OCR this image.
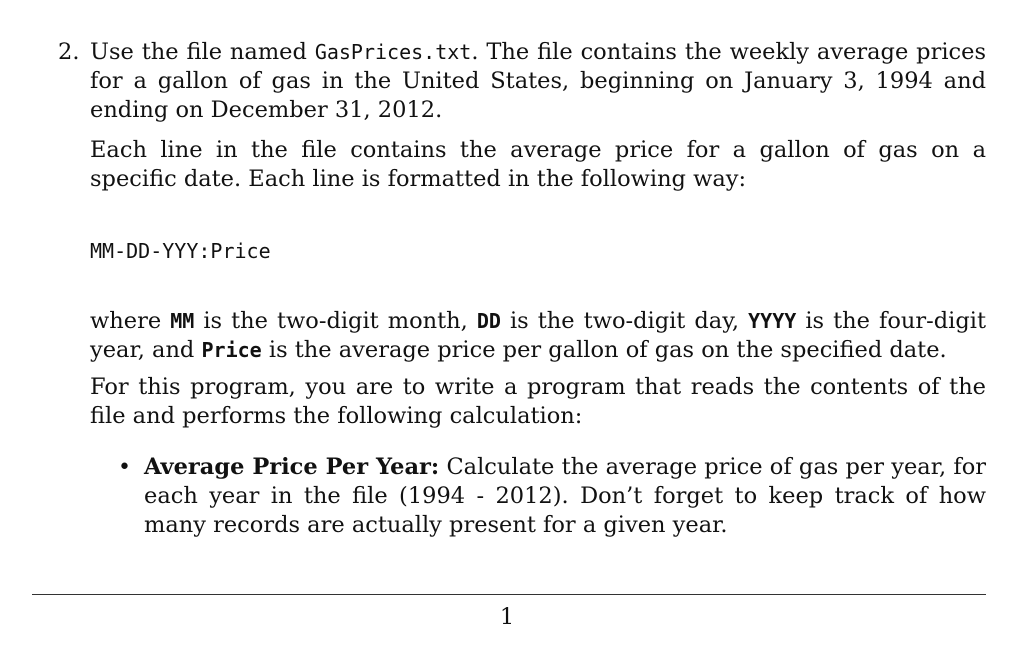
2. Use the file named GasPrices.txt. The file contains the weekly average prices for a gallon of gas in the United States, beginning on January 3, 1994 and ending on December 31, 2012.

Each line in the file contains the average price for a gallon of gas on a specific date. Each line is formatted in the following way:

MM-DD-YYY:Price

where MM is the two-digit month, DD is the two-digit day, YYYY is the four-digit year, and Price is the average price per gallon of gas on the specified date.

For this program, you are to write a program that reads the contents of the file and performs the following calculation:

• Average Price Per Year: Calculate the average price of gas per year, for each year in the file (1994 - 2012). Don’t forget to keep track of how many records are actually present for a given year.

1
